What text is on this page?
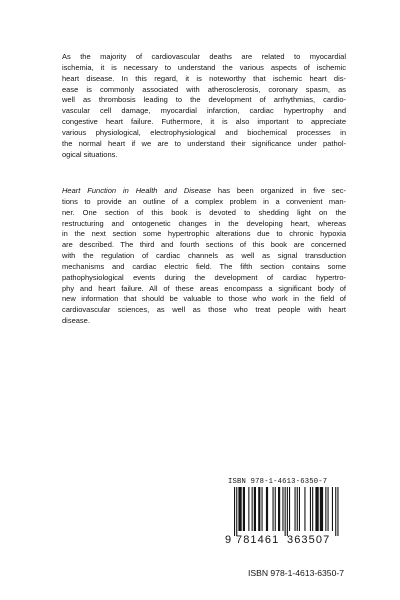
As the majority of cardiovascular deaths are related to myocardial
ischemia, it is necessary to understand the various aspects of ischemic
heart disease. In this regard, it is noteworthy that ischemic heart dis-
ease is commonly associated with atherosclerosis, coronary spasm, as
well as thrombosis leading to the development of arrhythmias, cardio-
vascular cell damage, myocardial infarction, cardiac hypertrophy and
congestive heart failure. Futhermore, it is also important to appreciate
various physiological, electrophysiological and biochemical processes in
the normal heart if we are to understand their significance under pathol-
ogical situations.
Heart Function in Health and Disease has been organized in five sec-
tions to provide an outline of a complex problem in a convenient man-
ner. One section of this book is devoted to shedding light on the
restructuring and ontogenetic changes in the developing heart, whereas
in the next section some hypertrophic alterations due to chronic hypoxia
are described. The third and fourth sections of this book are concerned
with the regulation of cardiac channels as well as signal transduction
mechanisms and cardiac electric field. The fifth section contains some
pathophysiological events during the development of cardiac hypertro-
phy and heart failure. All of these areas encompass a significant body of
new information that should be valuable to those who work in the field of
cardiovascular sciences, as well as those who treat people with heart
disease.
ISBN 978-1-4613-6350-7
9 781461 363507
ISBN 978-1-4613-6350-7
